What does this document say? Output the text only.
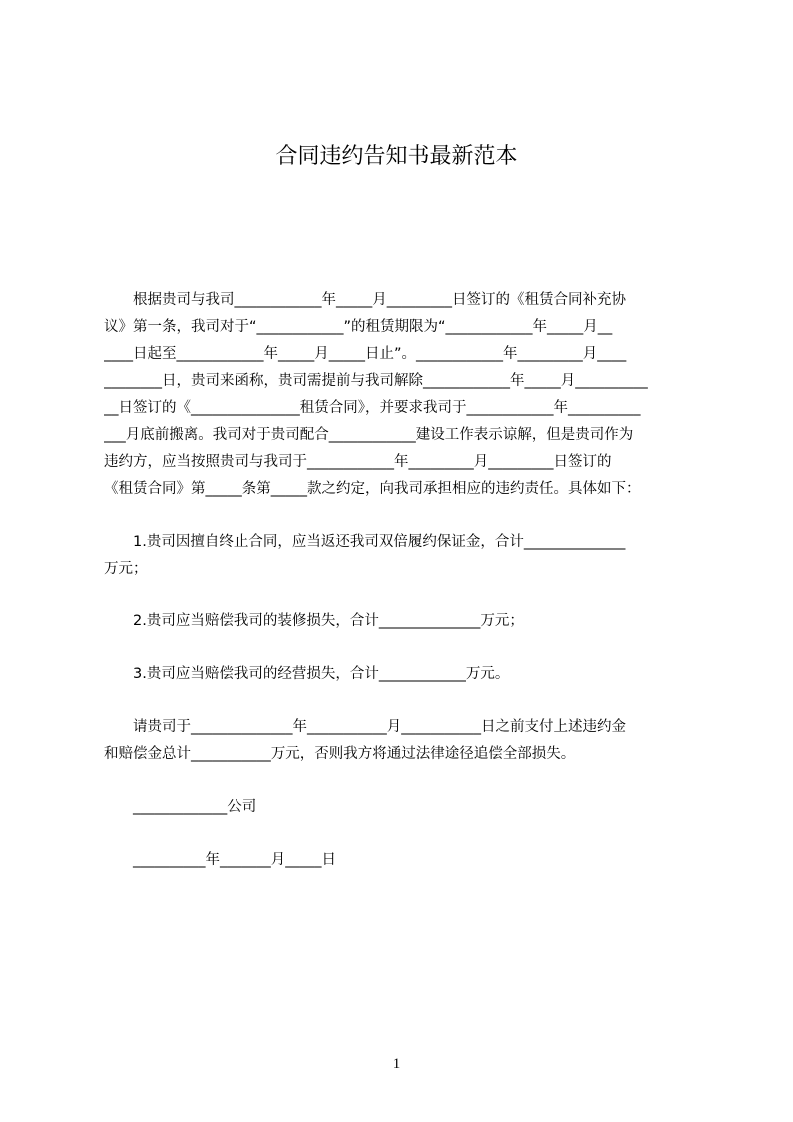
合同违约告知书最新范本
　　根据贵司与我司____________年_____月_________日签订的《租赁合同补充协
议》第一条，我司对于“____________”的租赁期限为“____________年_____月__
____日起至____________年_____月_____日止”。____________年_________月____
________日，贵司来函称，贵司需提前与我司解除____________年_____月__________
__日签订的《_______________租赁合同》，并要求我司于____________年__________
___月底前搬离。我司对于贵司配合____________建设工作表示谅解，但是贵司作为
违约方，应当按照贵司与我司于____________年_________月_________日签订的
《租赁合同》第_____条第_____款之约定，向我司承担相应的违约责任。具体如下：
　　1.贵司因擅自终止合同，应当返还我司双倍履约保证金，合计______________
万元；
　　2.贵司应当赔偿我司的装修损失，合计______________万元；
　　3.贵司应当赔偿我司的经营损失，合计____________万元。
　　请贵司于______________年___________月___________日之前支付上述违约金
和赔偿金总计___________万元，否则我方将通过法律途径追偿全部损失。
　　_____________公司
　　__________年_______月_____日
1
